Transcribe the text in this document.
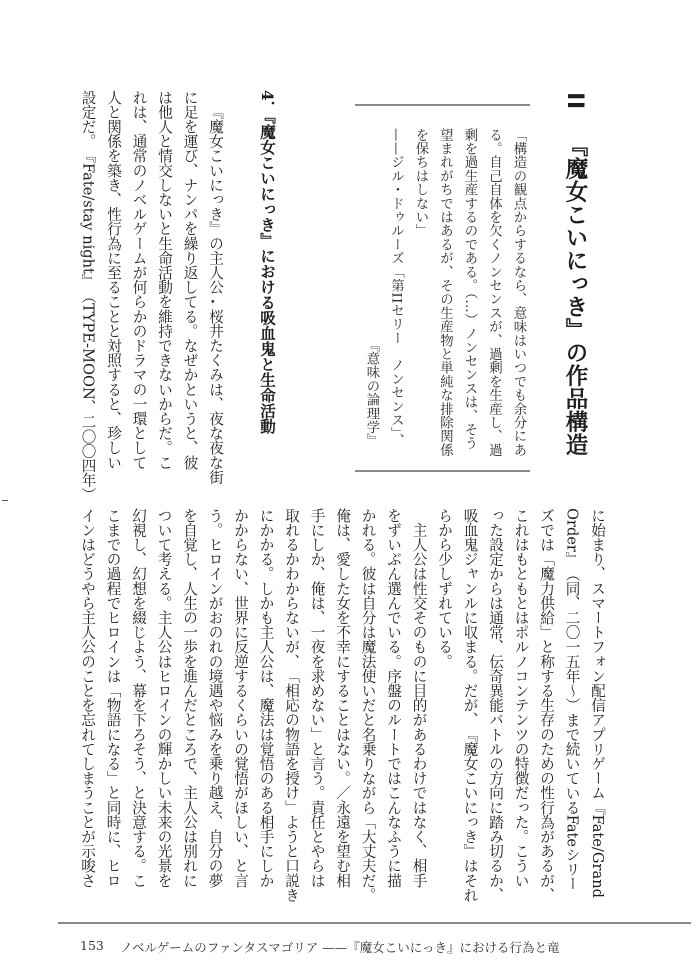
II
『魔女こいにっき』の作品構造
「構造の観点からするなら、意味はいつでも余分にあ
る。自己自体を欠くノンセンスが、過剰を生産し、過
剰を過生産するのである。（…）ノンセンスは、そう
望まれがちではあるが、その生産物と単純な排除関係
を保ちはしない」
——ジル・ドゥルーズ「第IIセリー　ノンセンス」、
『意味の論理学』
4．『魔女こいにっき』における吸血鬼と生命活動
　『魔女こいにっき』の主人公・桜井たくみは、夜な夜な街
に足を運び、ナンパを繰り返してる。なぜかというと、彼
は他人と情交しないと生命活動を維持できないからだ。こ
れは、通常のノベルゲームが何らかのドラマの一環として
人と関係を築き、性行為に至ることと対照すると、珍しい
設定だ。『Fate/stay night』（TYPE-MOON、二〇〇四年）
に始まり、スマートフォン配信アプリゲーム『Fate/Grand
Order』（同、二〇一五年〜）まで続いているFateシリー
ズでは「魔力供給」と称する生存のための性行為があるが、
これはもともとはポルノコンテンツの特徴だった。こうい
った設定からは通常、伝奇異能バトルの方向に踏み切るか、
吸血鬼ジャンルに収まる。だが、『魔女こいにっき』はそれ
らから少しずれている。
　主人公は性交そのものに目的があるわけではなく、相手
をずいぶん選んでいる。序盤のルートではこんなふうに描
かれる。彼は自分は魔法使いだと名乗りながら「大丈夫だ。
俺は、愛した女を不幸にすることはない。／永遠を望む相
手にしか、俺は、一夜を求めない」と言う。責任とやらは
取れるかわからないが、「相応の物語を授け」ようと口説き
にかかる。しかも主人公は、魔法は覚悟のある相手にしか
かからない、世界に反逆するくらいの覚悟がほしい、と言
う。ヒロインがおのれの境遇や悩みを乗り越え、自分の夢
を自覚し、人生の一歩を進んだところで、主人公は別れに
ついて考える。主人公はヒロインの輝かしい未来の光景を
幻視し、幻想を綴じよう、幕を下ろそう、と決意する。こ
こまでの過程でヒロインは「物語になる」と同時に、ヒロ
インはどうやら主人公のことを忘れてしまうことが示唆さ
153 ノベルゲームのファンタスマゴリア ——『魔女こいにっき』における行為と竜
